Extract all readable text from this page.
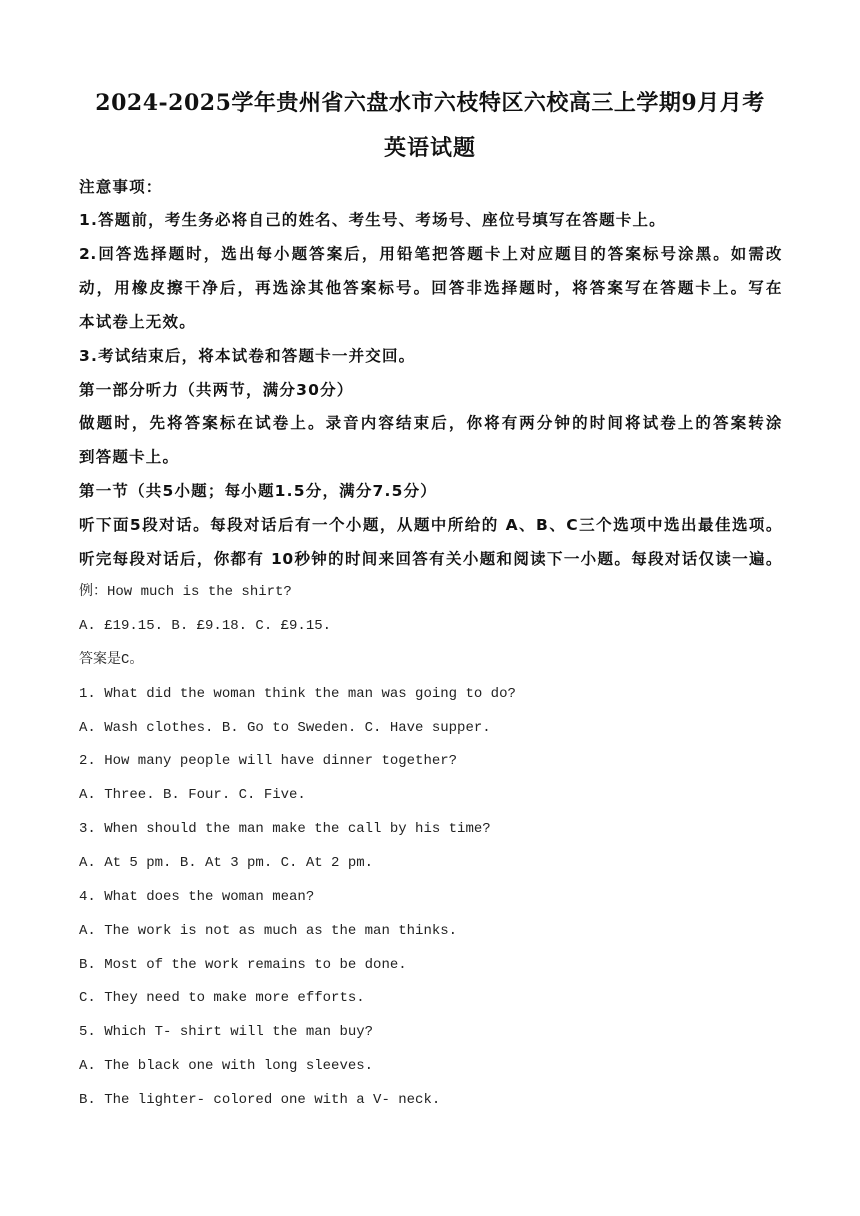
2024-2025学年贵州省六盘水市六枝特区六校高三上学期9月月考
英语试题
注意事项：
1.答题前，考生务必将自己的姓名、考生号、考场号、座位号填写在答题卡上。
2.回答选择题时，选出每小题答案后，用铅笔把答题卡上对应题目的答案标号涂黑。如需改
动，用橡皮擦干净后，再选涂其他答案标号。回答非选择题时，将答案写在答题卡上。写在
本试卷上无效。
3.考试结束后，将本试卷和答题卡一并交回。
第一部分听力（共两节，满分30分）
做题时，先将答案标在试卷上。录音内容结束后，你将有两分钟的时间将试卷上的答案转涂
到答题卡上。
第一节（共5小题；每小题1.5分，满分7.5分）
听下面5段对话。每段对话后有一个小题，从题中所给的 A、B、C三个选项中选出最佳选项。
听完每段对话后，你都有 10秒钟的时间来回答有关小题和阅读下一小题。每段对话仅读一遍。
例：How much is the shirt?
A. £19.15. B. £9.18. C. £9.15.
答案是C。
1. What did the woman think the man was going to do?
A. Wash clothes. B. Go to Sweden. C. Have supper.
2. How many people will have dinner together?
A. Three. B. Four. C. Five.
3. When should the man make the call by his time?
A. At 5 pm. B. At 3 pm. C. At 2 pm.
4. What does the woman mean?
A. The work is not as much as the man thinks.
B. Most of the work remains to be done.
C. They need to make more efforts.
5. Which T- shirt will the man buy?
A. The black one with long sleeves.
B. The lighter- colored one with a V- neck.
